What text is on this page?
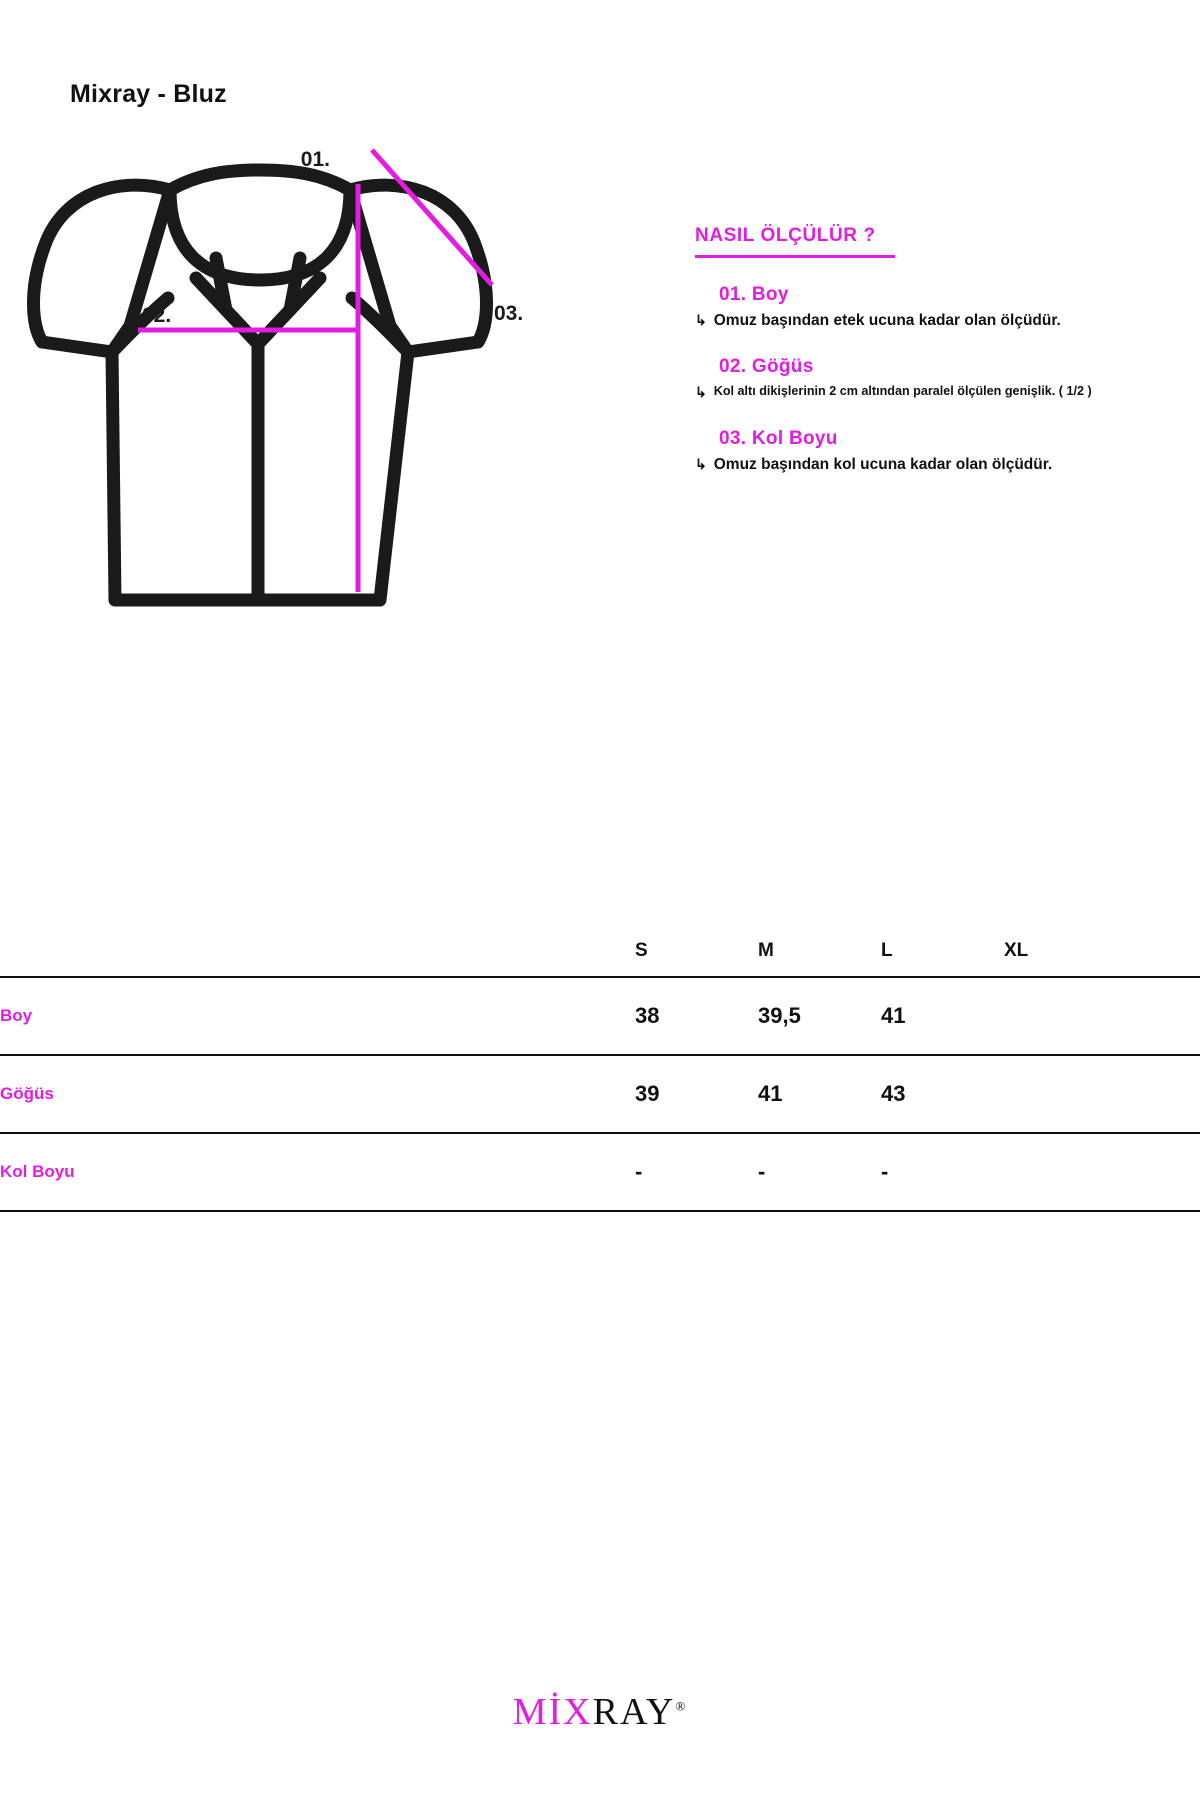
Mixray - Bluz
01.
02.	03.
NASIL ÖLÇÜLÜR ?
01. Boy
↳ Omuz başından etek ucuna kadar olan ölçüdür.
02. Göğüs
↳ Kol altı dikişlerinin 2 cm altından paralel ölçülen genişlik. ( 1/2 )
03. Kol Boyu
↳ Omuz başından kol ucuna kadar olan ölçüdür.
	S	M	L	XL
Boy	38	39,5	41	
Göğüs	39	41	43	
Kol Boyu	-	-	-	
MİXRAY®
